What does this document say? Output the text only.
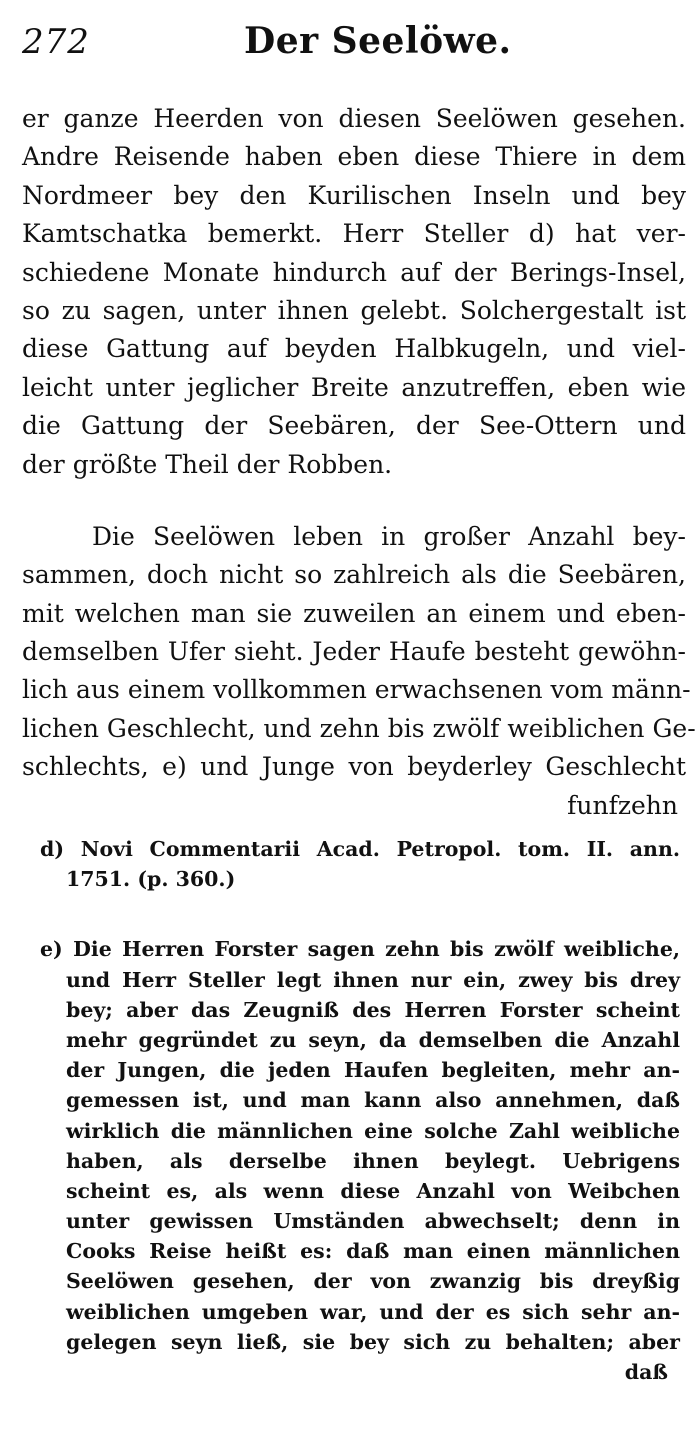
272	Der Seelöwe.
er ganze Heerden von diesen Seelöwen gesehen.
Andre Reisende haben eben diese Thiere in dem
Nordmeer bey den Kurilischen Inseln und bey
Kamtschatka bemerkt. Herr Steller d) hat ver-
schiedene Monate hindurch auf der Berings-Insel,
so zu sagen, unter ihnen gelebt. Solchergestalt ist
diese Gattung auf beyden Halbkugeln, und viel-
leicht unter jeglicher Breite anzutreffen, eben wie
die Gattung der Seebären, der See-Ottern und
der größte Theil der Robben.
Die Seelöwen leben in großer Anzahl bey-
sammen, doch nicht so zahlreich als die Seebären,
mit welchen man sie zuweilen an einem und eben-
demselben Ufer sieht. Jeder Haufe besteht gewöhn-
lich aus einem vollkommen erwachsenen vom männ-
lichen Geschlecht, und zehn bis zwölf weiblichen Ge-
schlechts, e) und Junge von beyderley Geschlecht
funfzehn
d) Novi Commentarii Acad. Petropol. tom. II. ann.
1751. (p. 360.)
e) Die Herren Forster sagen zehn bis zwölf weibliche,
und Herr Steller legt ihnen nur ein, zwey bis drey
bey; aber das Zeugniß des Herren Forster scheint
mehr gegründet zu seyn, da demselben die Anzahl
der Jungen, die jeden Haufen begleiten, mehr an-
gemessen ist, und man kann also annehmen, daß
wirklich die männlichen eine solche Zahl weibliche
haben, als derselbe ihnen beylegt. Uebrigens
scheint es, als wenn diese Anzahl von Weibchen
unter gewissen Umständen abwechselt; denn in
Cooks Reise heißt es: daß man einen männlichen
Seelöwen gesehen, der von zwanzig bis dreyßig
weiblichen umgeben war, und der es sich sehr an-
gelegen seyn ließ, sie bey sich zu behalten; aber
daß
